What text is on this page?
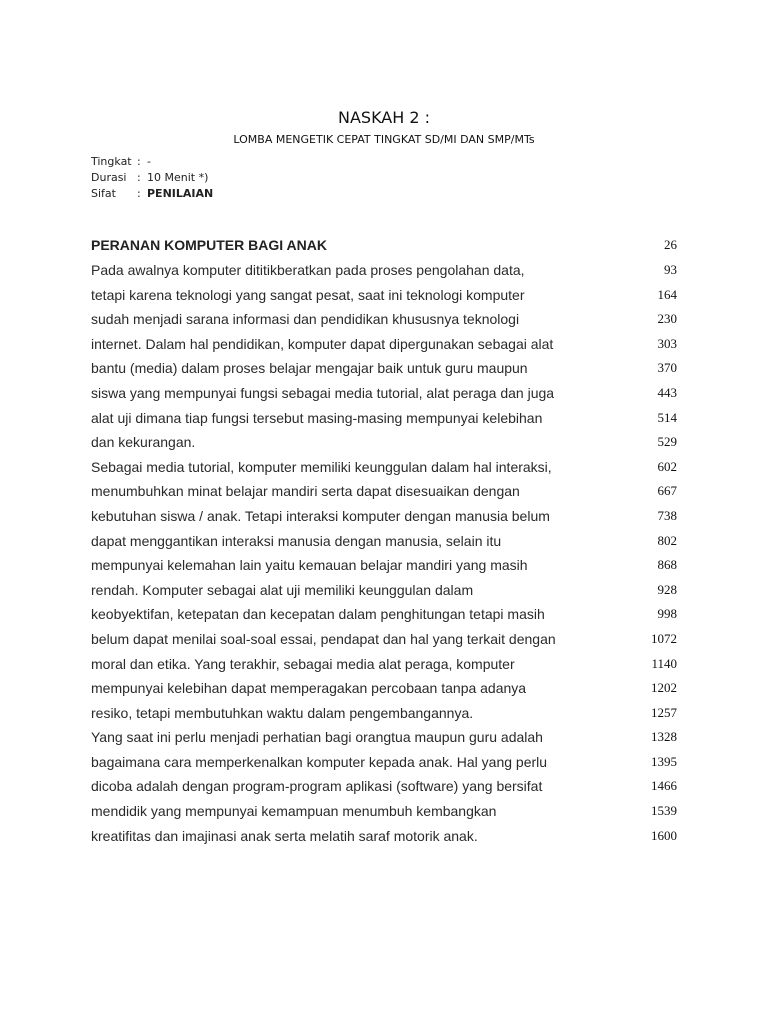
NASKAH 2 :
LOMBA MENGETIK CEPAT TINGKAT SD/MI DAN SMP/MTs
Tingkat : -
Durasi : 10 Menit *)
Sifat	: PENILAIAN
PERANAN KOMPUTER BAGI ANAK	26
Pada awalnya komputer dititikberatkan pada proses pengolahan data,	93
tetapi karena teknologi yang sangat pesat, saat ini teknologi komputer	164
sudah menjadi sarana informasi dan pendidikan khususnya teknologi	230
internet. Dalam hal pendidikan, komputer dapat dipergunakan sebagai alat	303
bantu (media) dalam proses belajar mengajar baik untuk guru maupun	370
siswa yang mempunyai fungsi sebagai media tutorial, alat peraga dan juga	443
alat uji dimana tiap fungsi tersebut masing-masing mempunyai kelebihan	514
dan kekurangan.	529
Sebagai media tutorial, komputer memiliki keunggulan dalam hal interaksi,	602
menumbuhkan minat belajar mandiri serta dapat disesuaikan dengan	667
kebutuhan siswa / anak. Tetapi interaksi komputer dengan manusia belum	738
dapat menggantikan interaksi manusia dengan manusia, selain itu	802
mempunyai kelemahan lain yaitu kemauan belajar mandiri yang masih	868
rendah. Komputer sebagai alat uji memiliki keunggulan dalam	928
keobyektifan, ketepatan dan kecepatan dalam penghitungan tetapi masih	998
belum dapat menilai soal-soal essai, pendapat dan hal yang terkait dengan	1072
moral dan etika. Yang terakhir, sebagai media alat peraga, komputer	1140
mempunyai kelebihan dapat memperagakan percobaan tanpa adanya	1202
resiko, tetapi membutuhkan waktu dalam pengembangannya.	1257
Yang saat ini perlu menjadi perhatian bagi orangtua maupun guru adalah	1328
bagaimana cara memperkenalkan komputer kepada anak. Hal yang perlu	1395
dicoba adalah dengan program-program aplikasi (software) yang bersifat	1466
mendidik yang mempunyai kemampuan menumbuh kembangkan	1539
kreatifitas dan imajinasi anak serta melatih saraf motorik anak.	1600
